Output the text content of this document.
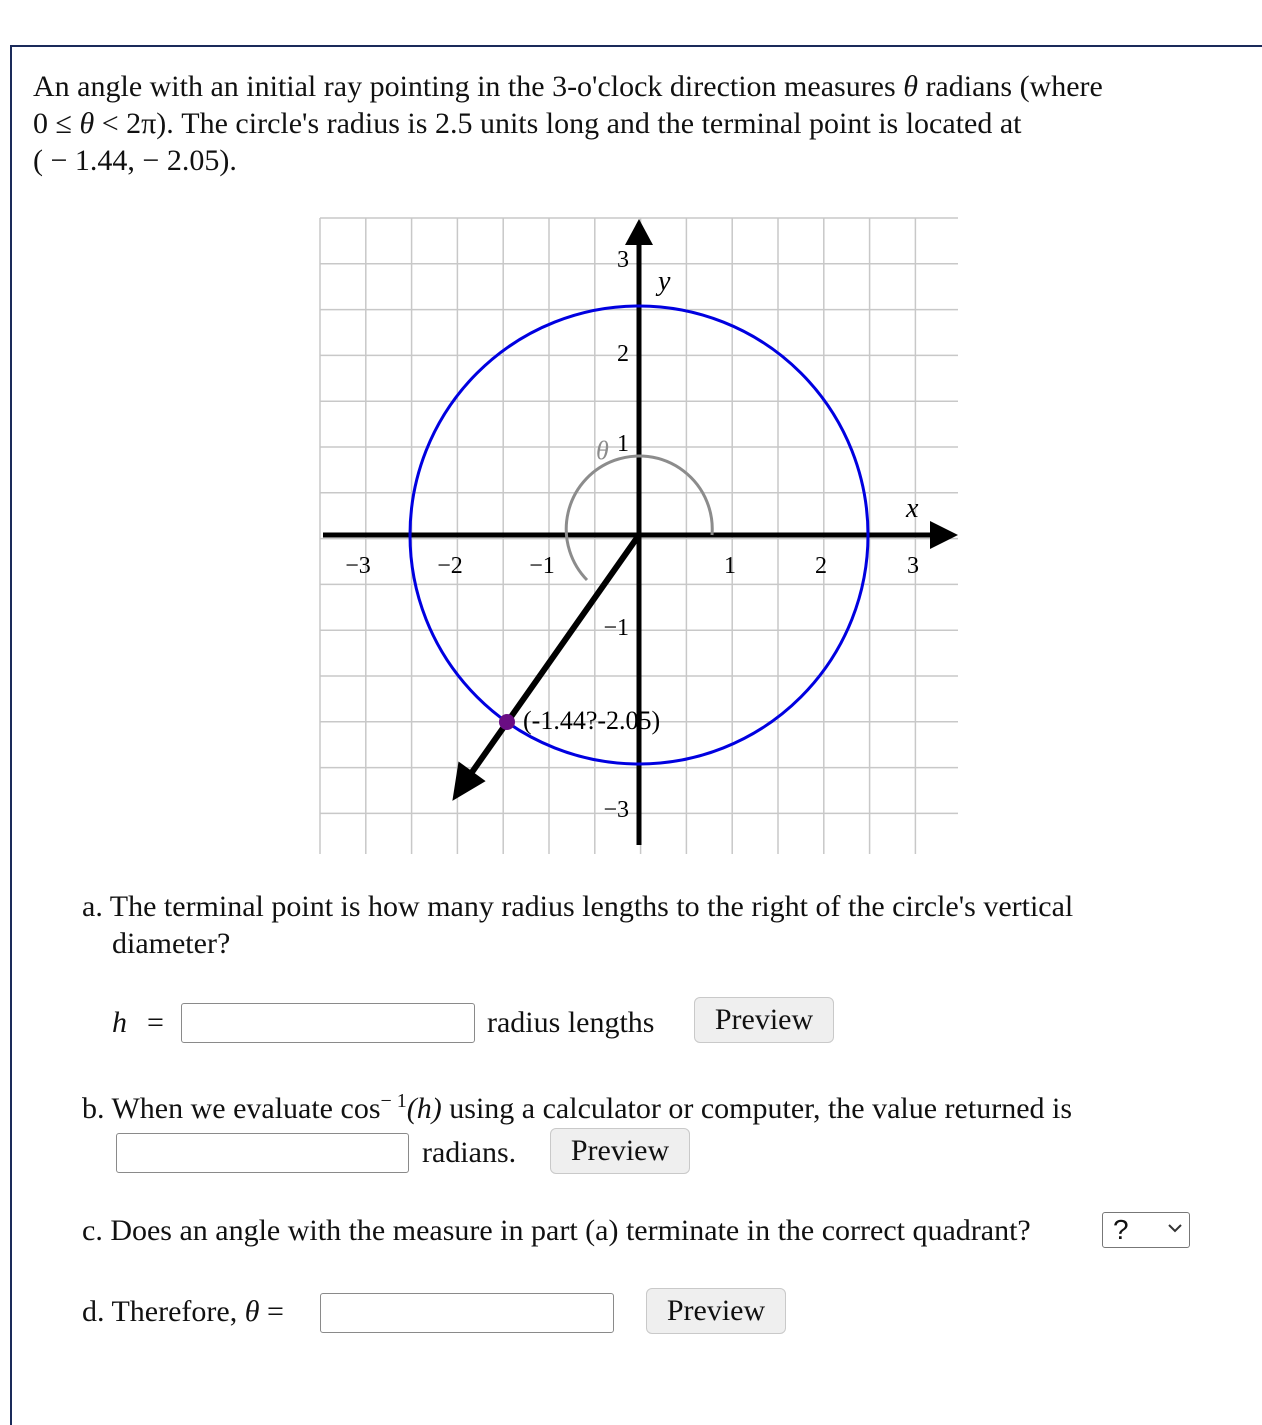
An angle with an initial ray pointing in the 3-o'clock direction measures θ radians (where
0 ≤ θ < 2π). The circle's radius is 2.5 units long and the terminal point is located at
( − 1.44, − 2.05).
−3	−2	−1	1	2	3
3
2
1
−1
−3
x
y
θ
(-1.44?-2.05)
a. The terminal point is how many radius lengths to the right of the circle's vertical
diameter?
h =	radius lengths	Preview
b. When we evaluate $\cos^{- 1}(h)$ using a calculator or computer, the value returned is
radians.	Preview
c. Does an angle with the measure in part (a) terminate in the correct quadrant?	?
d. Therefore, θ =	Preview
